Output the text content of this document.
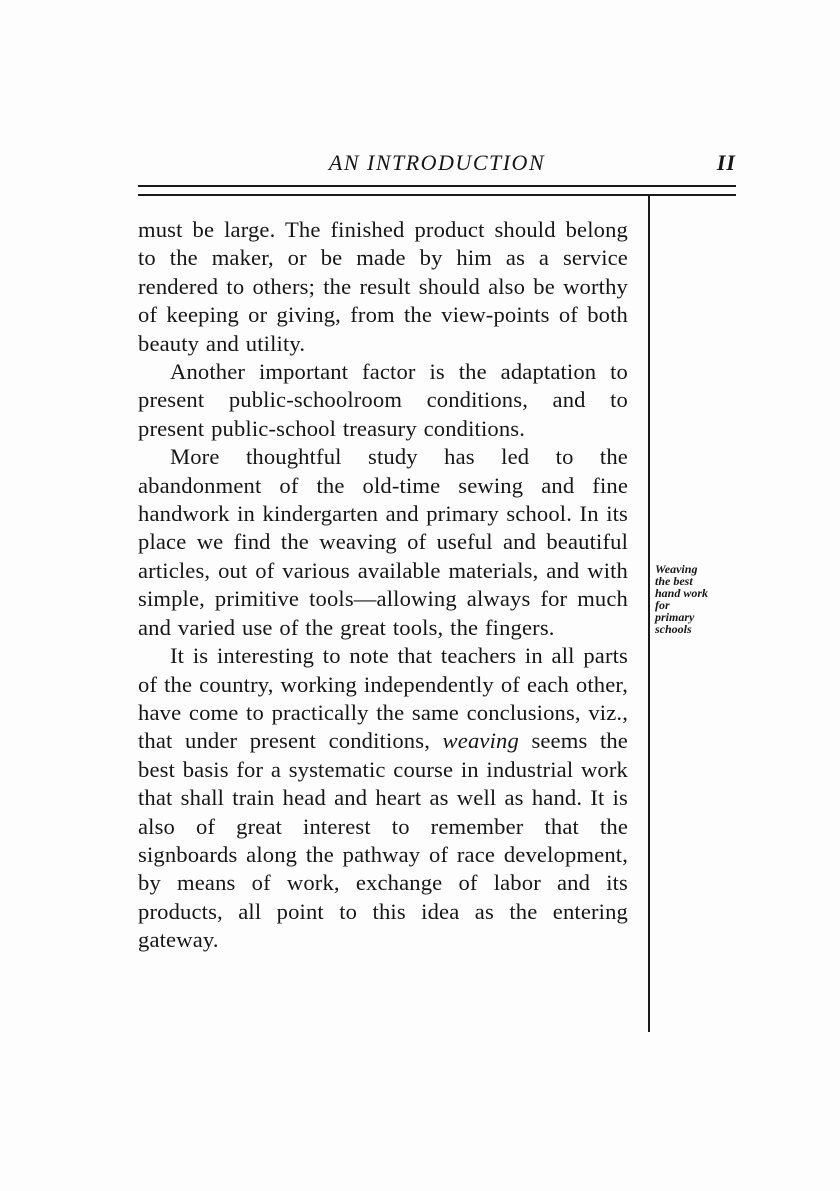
AN INTRODUCTION	II

must be large. The finished product should belong to the maker, or be made by him as a service rendered to others; the result should also be worthy of keeping or giving, from the view-points of both beauty and utility.

Another important factor is the adaptation to present public-schoolroom conditions, and to present public-school treasury conditions.

More thoughtful study has led to the abandonment of the old-time sewing and fine handwork in kindergarten and primary school. In its place we find the weaving of useful and beautiful articles, out of various available materials, and with simple, primitive tools—allowing always for much and varied use of the great tools, the fingers.

It is interesting to note that teachers in all parts of the country, working independently of each other, have come to practically the same conclusions, viz., that under present conditions, weaving seems the best basis for a systematic course in industrial work that shall train head and heart as well as hand. It is also of great interest to remember that the signboards along the pathway of race development, by means of work, exchange of labor and its products, all point to this idea as the entering gateway.

Weaving
the best
hand work
for
primary
schools
